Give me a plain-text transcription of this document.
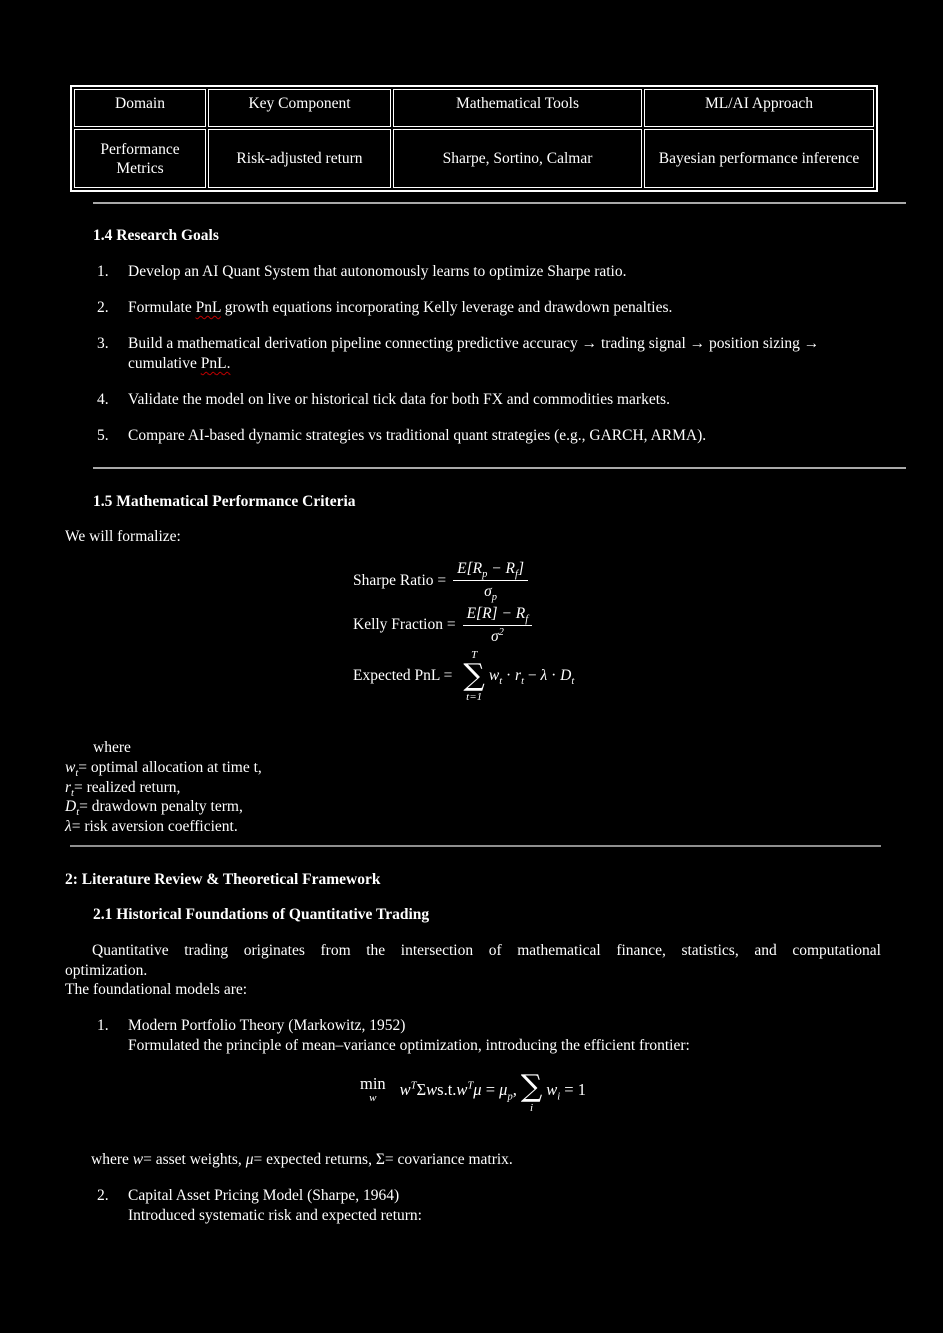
Domain	Key Component	Mathematical Tools	ML/AI Approach
Performance Metrics	Risk-adjusted return	Sharpe, Sortino, Calmar	Bayesian performance inference
1.4 Research Goals
1.	Develop an AI Quant System that autonomously learns to optimize Sharpe ratio.
2.	Formulate PnL growth equations incorporating Kelly leverage and drawdown penalties.
3.	Build a mathematical derivation pipeline connecting predictive accuracy → trading signal → position sizing →
cumulative PnL.
4.	Validate the model on live or historical tick data for both FX and commodities markets.
5.	Compare AI-based dynamic strategies vs traditional quant strategies (e.g., GARCH, ARMA).
1.5 Mathematical Performance Criteria
We will formalize:
Sharpe Ratio = $\frac{E[R_p - R_f]}{\sigma_p}$
Kelly Fraction = $\frac{E[R] - R_f}{\sigma^2}$
Expected PnL =
T
∑
t=1
$w_t \cdot r_t - \lambda \cdot D_t$
where
$w_t=$ optimal allocation at time t,
$r_t=$ realized return,
$D_t=$ drawdown penalty term,
λ= risk aversion coefficient.
2: Literature Review & Theoretical Framework
2.1 Historical Foundations of Quantitative Trading
Quantitative trading originates from the intersection of mathematical finance, statistics, and computational
optimization.
The foundational models are:
1.	Modern Portfolio Theory (Markowitz, 1952)
Formulated the principle of mean–variance optimization, introducing the efficient frontier:
min
w $w^T\Sigma ws.t.w^T\mu = \mu_p$, ∑
i
$w_i = 1$
where w= asset weights, μ= expected returns, Σ= covariance matrix.
2.	Capital Asset Pricing Model (Sharpe, 1964)
Introduced systematic risk and expected return:
